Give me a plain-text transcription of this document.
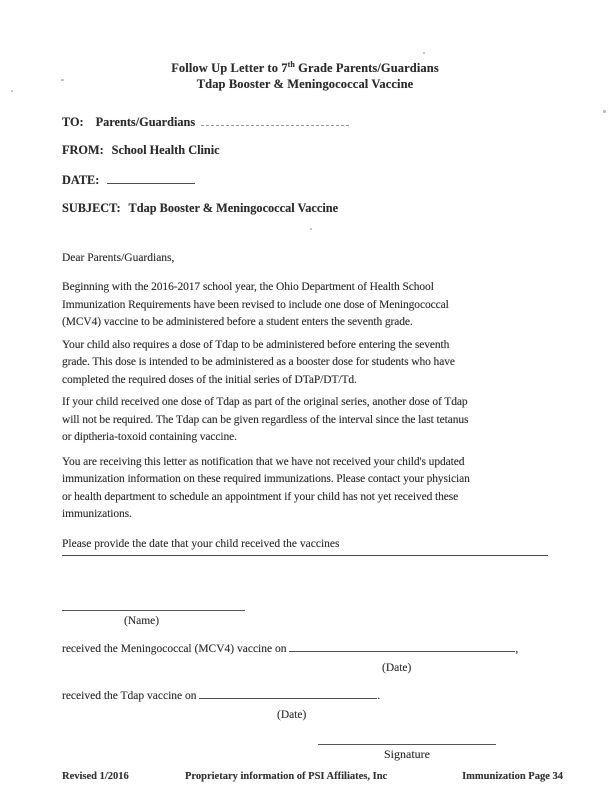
Follow Up Letter to 7th Grade Parents/Guardians
Tdap Booster & Meningococcal Vaccine
TO: Parents/Guardians
FROM: School Health Clinic
DATE:
SUBJECT: Tdap Booster & Meningococcal Vaccine
Dear Parents/Guardians,
Beginning with the 2016-2017 school year, the Ohio Department of Health School
Immunization Requirements have been revised to include one dose of Meningococcal
(MCV4) vaccine to be administered before a student enters the seventh grade.
Your child also requires a dose of Tdap to be administered before entering the seventh
grade. This dose is intended to be administered as a booster dose for students who have
completed the required doses of the initial series of DTaP/DT/Td.
If your child received one dose of Tdap as part of the original series, another dose of Tdap
will not be required. The Tdap can be given regardless of the interval since the last tetanus
or diptheria-toxoid containing vaccine.
You are receiving this letter as notification that we have not received your child's updated
immunization information on these required immunizations. Please contact your physician
or health department to schedule an appointment if your child has not yet received these
immunizations.
Please provide the date that your child received the vaccines
(Name)
received the Meningococcal (MCV4) vaccine on	,
(Date)
received the Tdap vaccine on	.
(Date)
Signature
Revised 1/2016	Proprietary information of PSI Affiliates, Inc	Immunization Page 34
